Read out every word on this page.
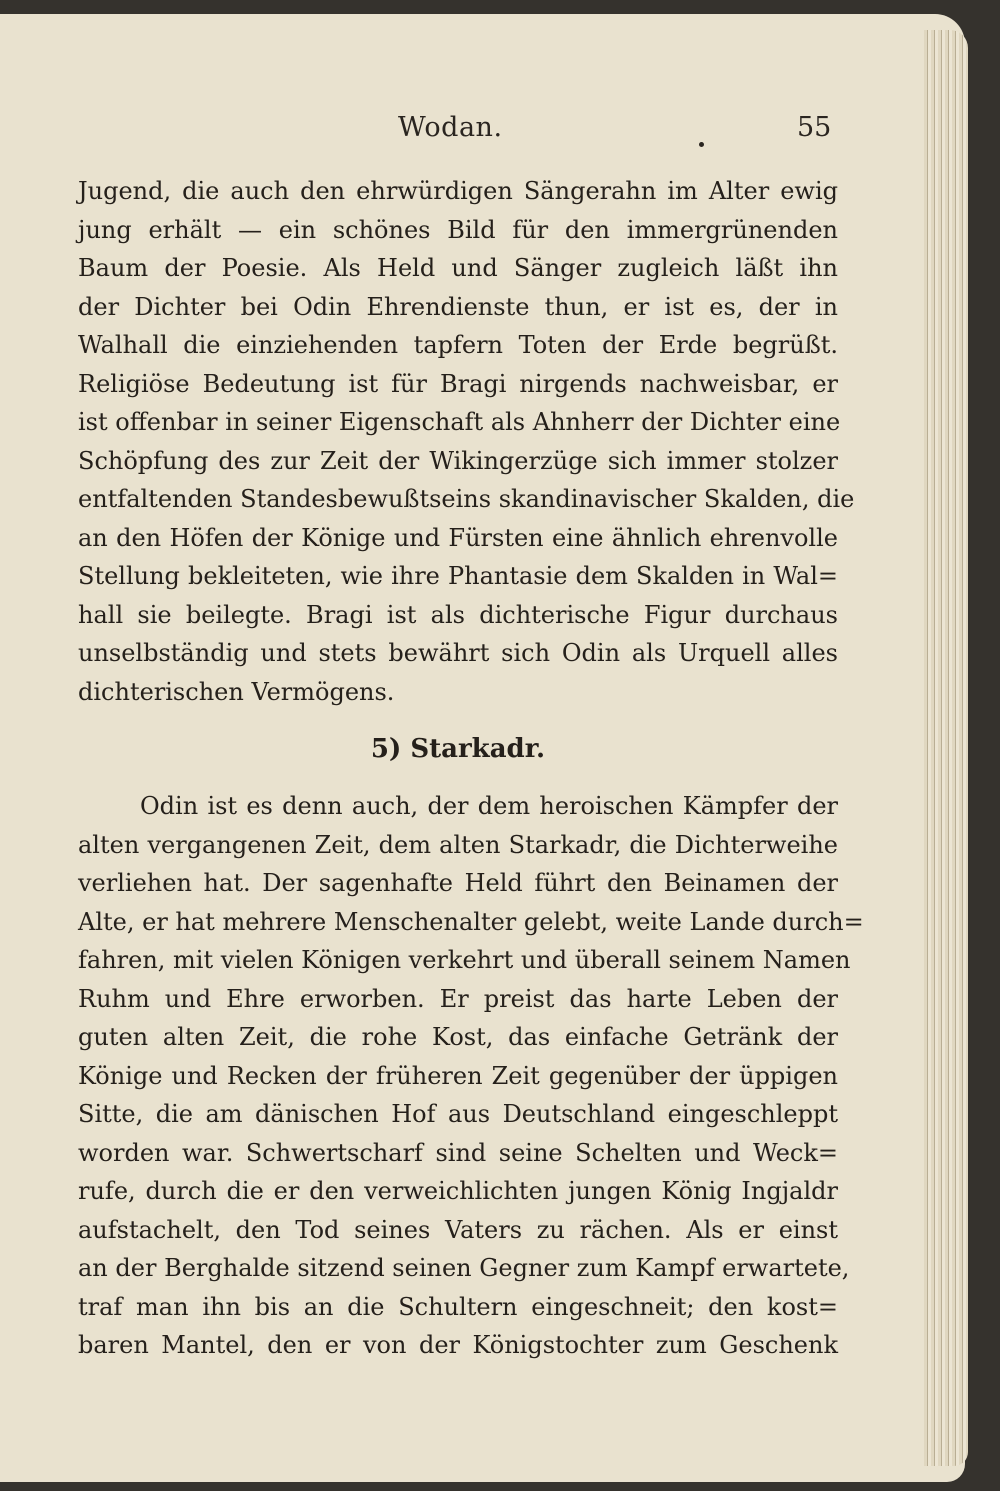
Wodan.	55
Jugend, die auch den ehrwürdigen Sängerahn im Alter ewig
jung erhält — ein schönes Bild für den immergrünenden
Baum der Poesie. Als Held und Sänger zugleich läßt ihn
der Dichter bei Odin Ehrendienste thun, er ist es, der in
Walhall die einziehenden tapfern Toten der Erde begrüßt.
Religiöse Bedeutung ist für Bragi nirgends nachweisbar, er
ist offenbar in seiner Eigenschaft als Ahnherr der Dichter eine
Schöpfung des zur Zeit der Wikingerzüge sich immer stolzer
entfaltenden Standesbewußtseins skandinavischer Skalden, die
an den Höfen der Könige und Fürsten eine ähnlich ehrenvolle
Stellung bekleiteten, wie ihre Phantasie dem Skalden in Wal=
hall sie beilegte. Bragi ist als dichterische Figur durchaus
unselbständig und stets bewährt sich Odin als Urquell alles
dichterischen Vermögens.
5) Starkadr.
Odin ist es denn auch, der dem heroischen Kämpfer der
alten vergangenen Zeit, dem alten Starkadr, die Dichterweihe
verliehen hat. Der sagenhafte Held führt den Beinamen der
Alte, er hat mehrere Menschenalter gelebt, weite Lande durch=
fahren, mit vielen Königen verkehrt und überall seinem Namen
Ruhm und Ehre erworben. Er preist das harte Leben der
guten alten Zeit, die rohe Kost, das einfache Getränk der
Könige und Recken der früheren Zeit gegenüber der üppigen
Sitte, die am dänischen Hof aus Deutschland eingeschleppt
worden war. Schwertscharf sind seine Schelten und Weck=
rufe, durch die er den verweichlichten jungen König Ingjaldr
aufstachelt, den Tod seines Vaters zu rächen. Als er einst
an der Berghalde sitzend seinen Gegner zum Kampf erwartete,
traf man ihn bis an die Schultern eingeschneit; den kost=
baren Mantel, den er von der Königstochter zum Geschenk
